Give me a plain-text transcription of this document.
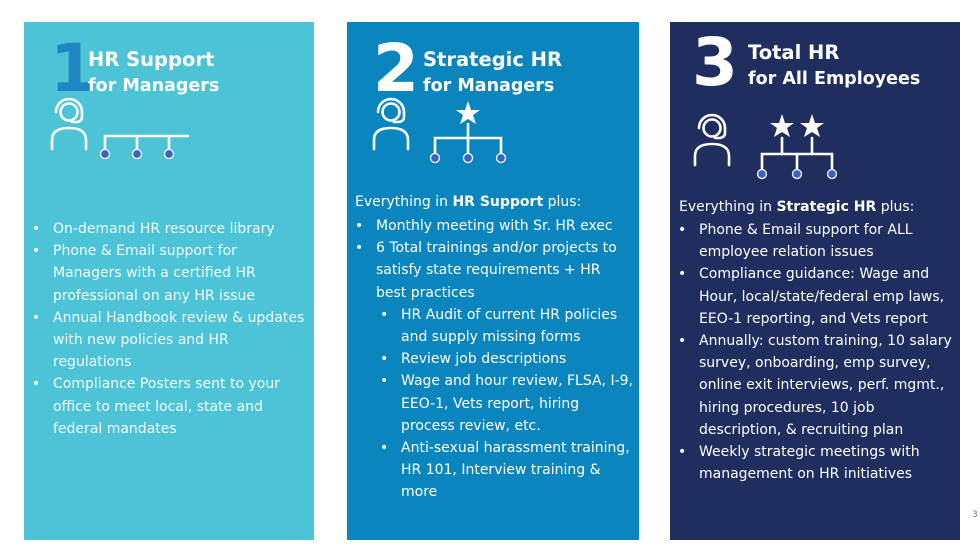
1
HR Support
for Managers
• On-demand HR resource library
• Phone & Email support for Managers with a certified HR professional on any HR issue
• Annual Handbook review & updates with new policies and HR regulations
• Compliance Posters sent to your office to meet local, state and federal mandates
2 Strategic HR
for Managers
Everything in HR Support plus:
• Monthly meeting with Sr. HR exec
• 6 Total trainings and/or projects to satisfy state requirements + HR best practices
• HR Audit of current HR policies and supply missing forms
• Review job descriptions
• Wage and hour review, FLSA, I-9, EEO-1, Vets report, hiring process review, etc.
• Anti-sexual harassment training, HR 101, Interview training & more
3 Total HR
for All Employees
Everything in Strategic HR plus:
• Phone & Email support for ALL employee relation issues
• Compliance guidance: Wage and Hour, local/state/federal emp laws, EEO-1 reporting, and Vets report
• Annually: custom training, 10 salary survey, onboarding, emp survey, online exit interviews, perf. mgmt., hiring procedures, 10 job description, & recruiting plan
• Weekly strategic meetings with management on HR initiatives
3
